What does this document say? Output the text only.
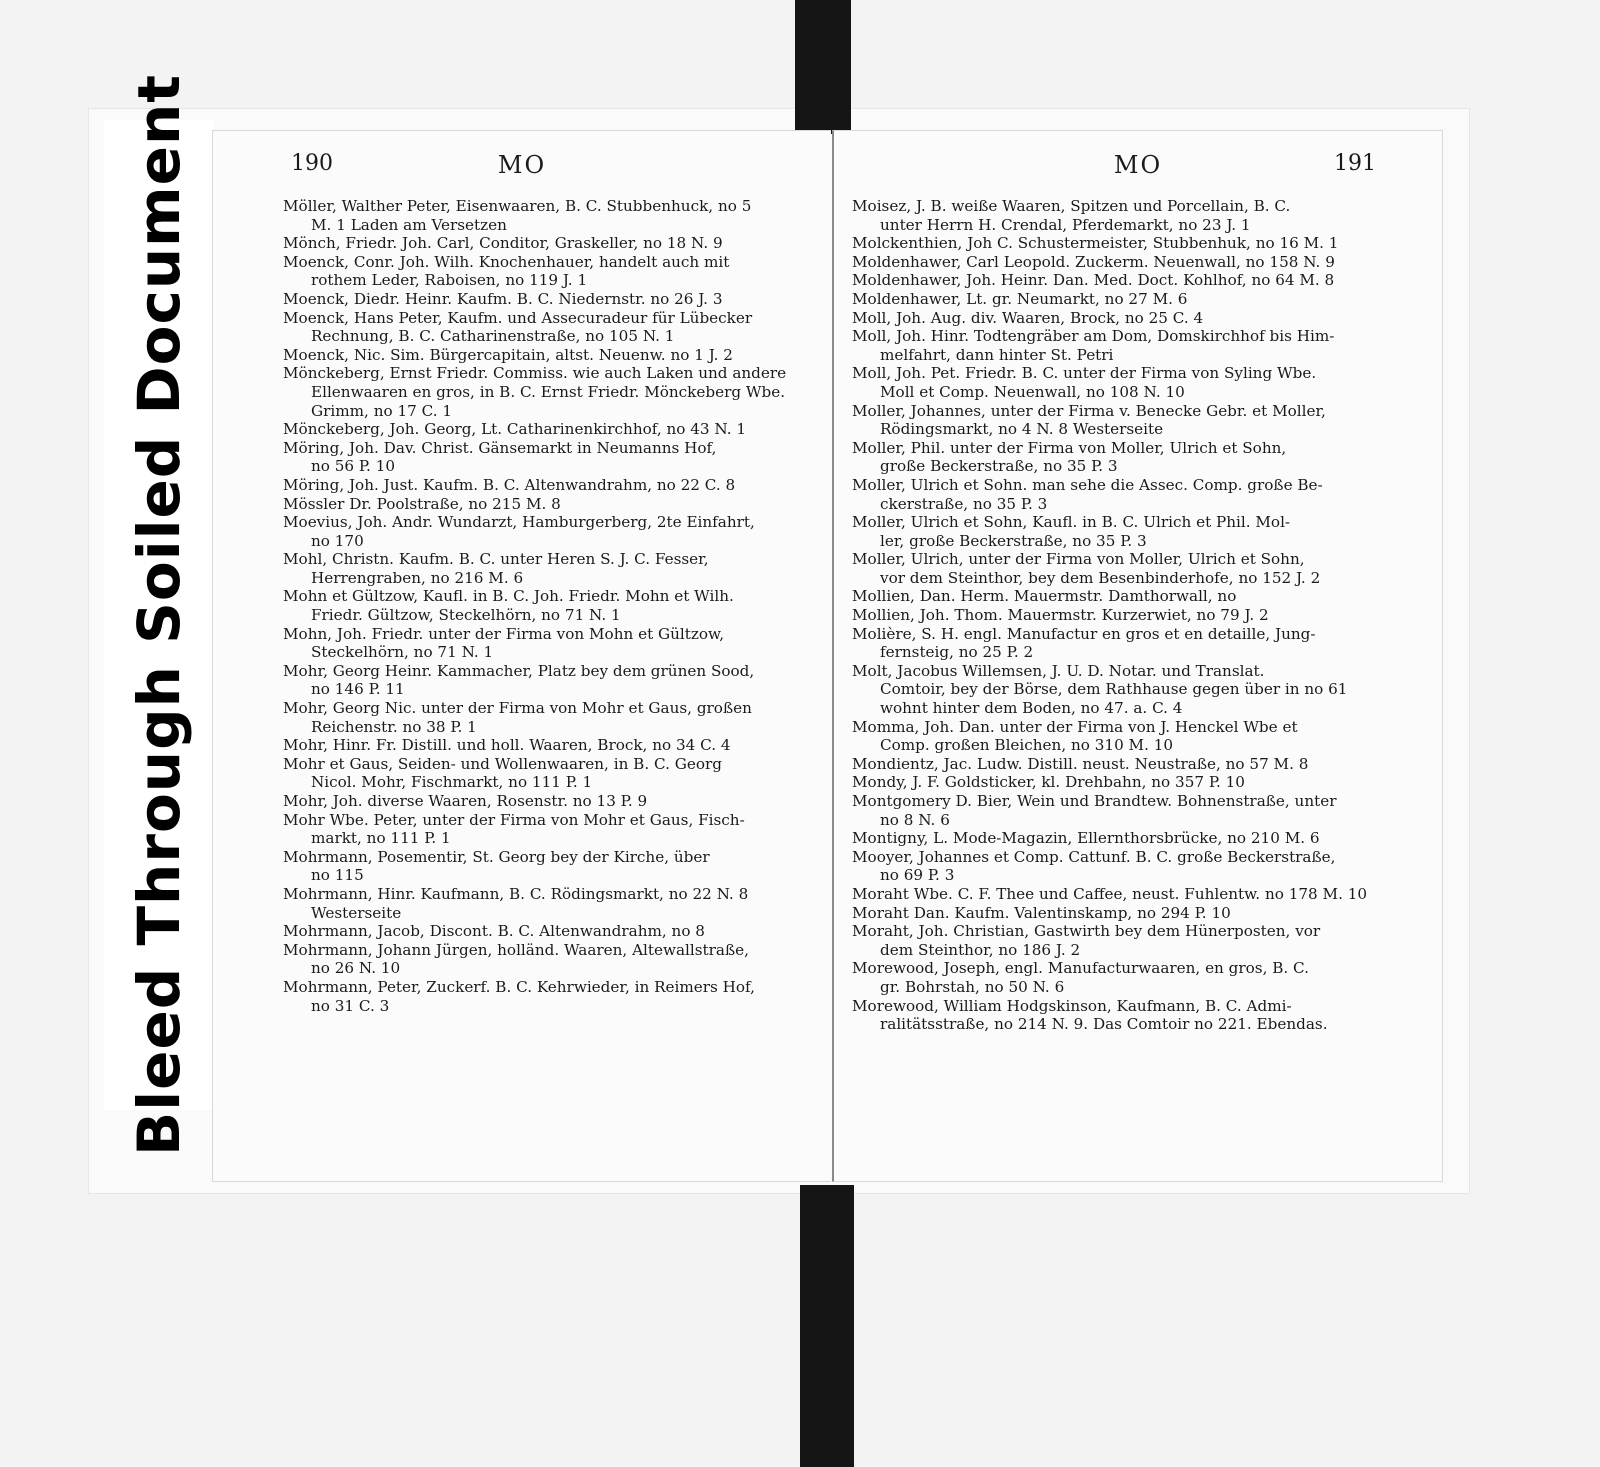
Bleed Through Soiled Document	190	MO

Möller, Walther Peter, Eisenwaaren, B. C. Stubbenhuck, no 5
M. 1 Laden am Versetzen

Mönch, Friedr. Joh. Carl, Conditor, Graskeller, no 18 N. 9

Moenck, Conr. Joh. Wilh. Knochenhauer, handelt auch mit
rothem Leder, Raboisen, no 119 J. 1

Moenck, Diedr. Heinr. Kaufm. B. C. Niedernstr. no 26 J. 3

Moenck, Hans Peter, Kaufm. und Assecuradeur für Lübecker
Rechnung, B. C. Catharinenstraße, no 105 N. 1

Moenck, Nic. Sim. Bürgercapitain, altst. Neuenw. no 1 J. 2

Mönckeberg, Ernst Friedr. Commiss. wie auch Laken und andere
Ellenwaaren en gros, in B. C. Ernst Friedr. Mönckeberg Wbe. Grimm, no 17 C. 1

Mönckeberg, Joh. Georg, Lt. Catharinenkirchhof, no 43 N. 1

Möring, Joh. Dav. Christ. Gänsemarkt in Neumanns Hof,
no 56 P. 10

Möring, Joh. Just. Kaufm. B. C. Altenwandrahm, no 22 C. 8

Mössler Dr. Poolstraße, no 215 M. 8

Moevius, Joh. Andr. Wundarzt, Hamburgerberg, 2te Einfahrt,
no 170

Mohl, Christn. Kaufm. B. C. unter Heren S. J. C. Fesser,
Herrengraben, no 216 M. 6

Mohn et Gültzow, Kaufl. in B. C. Joh. Friedr. Mohn et Wilh.
Friedr. Gültzow, Steckelhörn, no 71 N. 1

Mohn, Joh. Friedr. unter der Firma von Mohn et Gültzow,
Steckelhörn, no 71 N. 1

Mohr, Georg Heinr. Kammacher, Platz bey dem grünen Sood,
no 146 P. 11

Mohr, Georg Nic. unter der Firma von Mohr et Gaus, großen
Reichenstr. no 38 P. 1

Mohr, Hinr. Fr. Distill. und holl. Waaren, Brock, no 34 C. 4

Mohr et Gaus, Seiden- und Wollenwaaren, in B. C. Georg
Nicol. Mohr, Fischmarkt, no 111 P. 1

Mohr, Joh. diverse Waaren, Rosenstr. no 13 P. 9

Mohr Wbe. Peter, unter der Firma von Mohr et Gaus, Fisch-
markt, no 111 P. 1

Mohrmann, Posementir, St. Georg bey der Kirche, über
no 115

Mohrmann, Hinr. Kaufmann, B. C. Rödingsmarkt, no 22 N. 8
Westerseite

Mohrmann, Jacob, Discont. B. C. Altenwandrahm, no 8

Mohrmann, Johann Jürgen, holländ. Waaren, Altewallstraße,
no 26 N. 10

Mohrmann, Peter, Zuckerf. B. C. Kehrwieder, in Reimers Hof,
no 31 C. 3

MO	191

Moisez, J. B. weiße Waaren, Spitzen und Porcellain, B. C.
unter Herrn H. Crendal, Pferdemarkt, no 23 J. 1

Molckenthien, Joh C. Schustermeister, Stubbenhuk, no 16 M. 1

Moldenhawer, Carl Leopold. Zuckerm. Neuenwall, no 158 N. 9

Moldenhawer, Joh. Heinr. Dan. Med. Doct. Kohlhof, no 64 M. 8

Moldenhawer, Lt. gr. Neumarkt, no 27 M. 6

Moll, Joh. Aug. div. Waaren, Brock, no 25 C. 4

Moll, Joh. Hinr. Todtengräber am Dom, Domskirchhof bis Him-
melfahrt, dann hinter St. Petri

Moll, Joh. Pet. Friedr. B. C. unter der Firma von Syling Wbe.
Moll et Comp. Neuenwall, no 108 N. 10

Moller, Johannes, unter der Firma v. Benecke Gebr. et Moller,
Rödingsmarkt, no 4 N. 8 Westerseite

Moller, Phil. unter der Firma von Moller, Ulrich et Sohn,
große Beckerstraße, no 35 P. 3

Moller, Ulrich et Sohn. man sehe die Assec. Comp. große Be-
ckerstraße, no 35 P. 3

Moller, Ulrich et Sohn, Kaufl. in B. C. Ulrich et Phil. Mol-
ler, große Beckerstraße, no 35 P. 3

Moller, Ulrich, unter der Firma von Moller, Ulrich et Sohn,
vor dem Steinthor, bey dem Besenbinderhofe, no 152 J. 2

Mollien, Dan. Herm. Mauermstr. Damthorwall, no

Mollien, Joh. Thom. Mauermstr. Kurzerwiet, no 79 J. 2

Molière, S. H. engl. Manufactur en gros et en detaille, Jung-
fernsteig, no 25 P. 2

Molt, Jacobus Willemsen, J. U. D. Notar. und Translat.
Comtoir, bey der Börse, dem Rathhause gegen über in no 61 wohnt hinter dem Boden, no 47. a. C. 4

Momma, Joh. Dan. unter der Firma von J. Henckel Wbe et
Comp. großen Bleichen, no 310 M. 10

Mondientz, Jac. Ludw. Distill. neust. Neustraße, no 57 M. 8

Mondy, J. F. Goldsticker, kl. Drehbahn, no 357 P. 10

Montgomery D. Bier, Wein und Brandtew. Bohnenstraße, unter
no 8 N. 6

Montigny, L. Mode-Magazin, Ellernthorsbrücke, no 210 M. 6

Mooyer, Johannes et Comp. Cattunf. B. C. große Beckerstraße,
no 69 P. 3

Moraht Wbe. C. F. Thee und Caffee, neust. Fuhlentw. no 178 M. 10

Moraht Dan. Kaufm. Valentinskamp, no 294 P. 10

Moraht, Joh. Christian, Gastwirth bey dem Hünerposten, vor
dem Steinthor, no 186 J. 2

Morewood, Joseph, engl. Manufacturwaaren, en gros, B. C.
gr. Bohrstah, no 50 N. 6

Morewood, William Hodgskinson, Kaufmann, B. C. Admi-
ralitätsstraße, no 214 N. 9. Das Comtoir no 221. Ebendas.
